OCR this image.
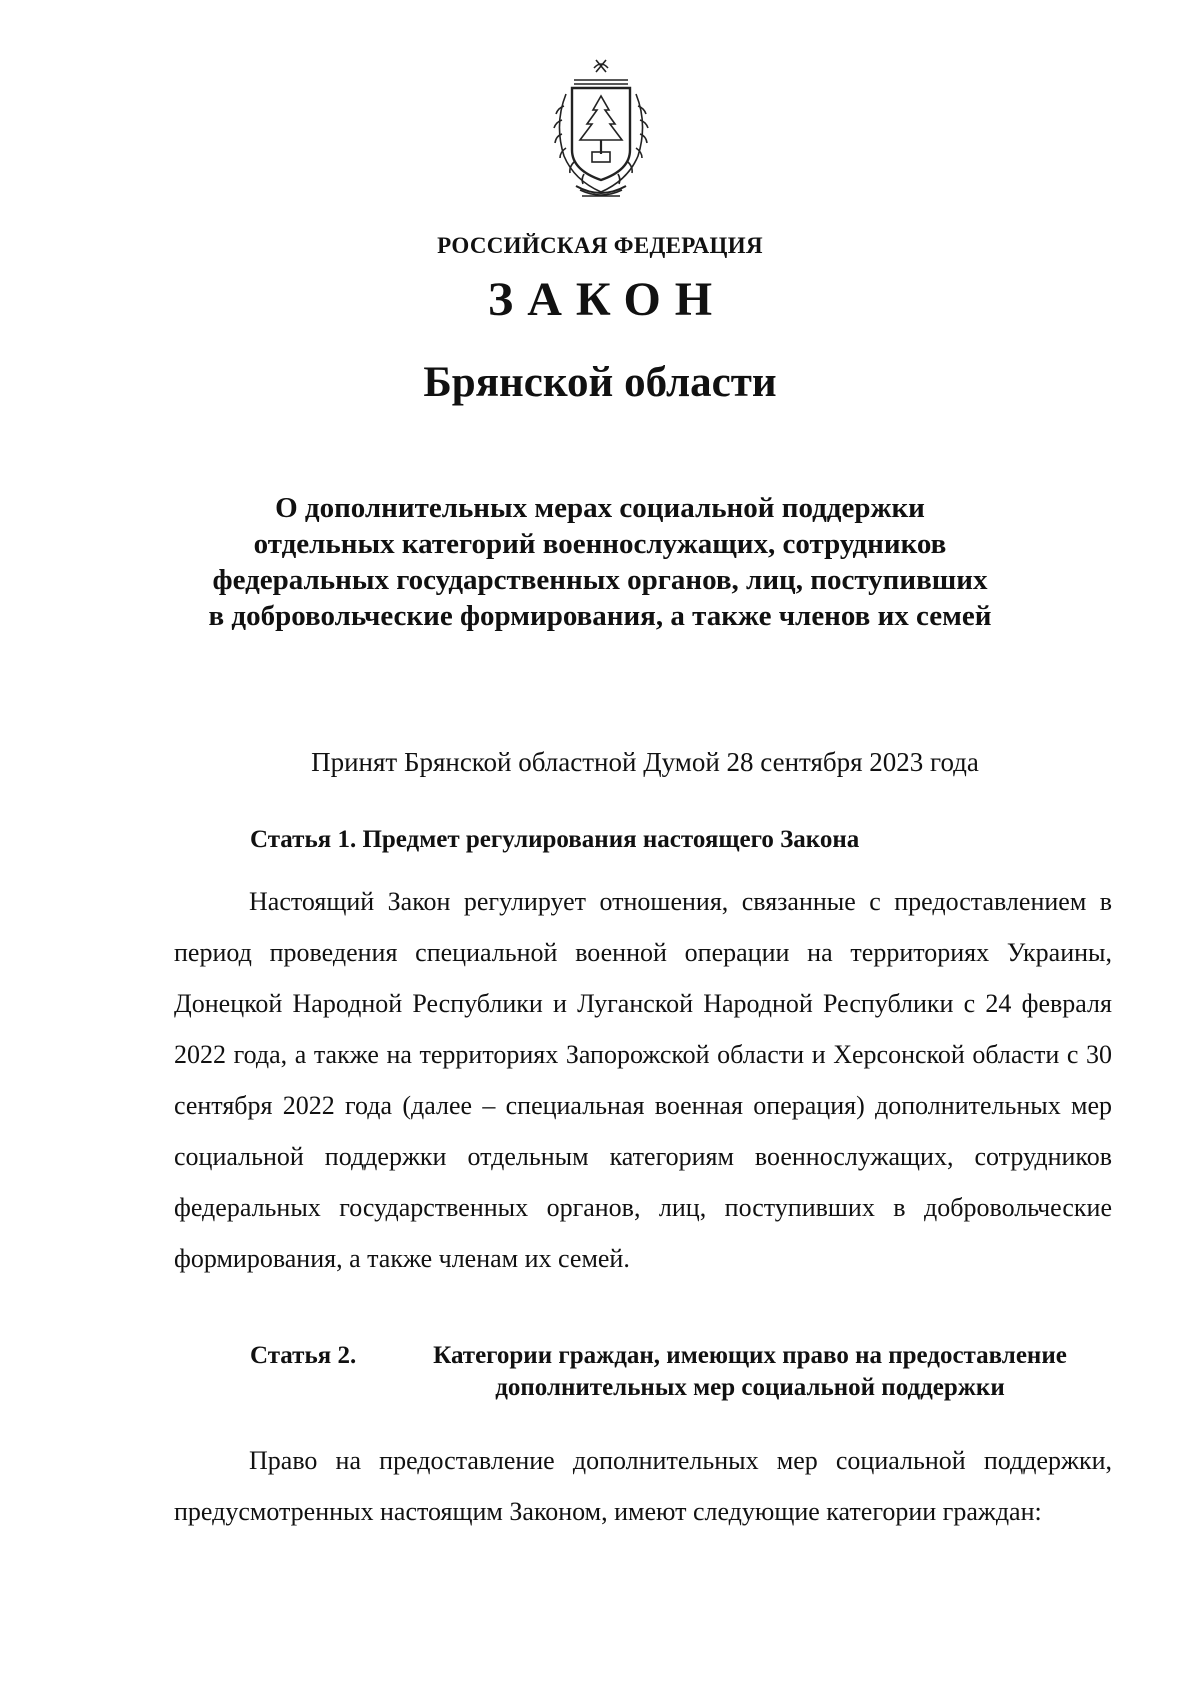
РОССИЙСКАЯ ФЕДЕРАЦИЯ

ЗАКОН

Брянской области

О дополнительных мерах социальной поддержки
отдельных категорий военнослужащих, сотрудников
федеральных государственных органов, лиц, поступивших
в добровольческие формирования, а также членов их семей

Принят Брянской областной Думой 28 сентября 2023 года

Статья 1. Предмет регулирования настоящего Закона

Настоящий Закон регулирует отношения, связанные с предоставлением в период проведения специальной военной операции на территориях Украины, Донецкой Народной Республики и Луганской Народной Республики с 24 февраля 2022 года, а также на территориях Запорожской области и Херсонской области с 30 сентября 2022 года (далее – специальная военная операция) дополнительных мер социальной поддержки отдельным категориям военнослужащих, сотрудников федеральных государственных органов, лиц, поступивших в добровольческие формирования, а также членам их семей.

Статья 2.	Категории граждан, имеющих право на предоставление
дополнительных мер социальной поддержки

Право на предоставление дополнительных мер социальной поддержки, предусмотренных настоящим Законом, имеют следующие категории граждан:
